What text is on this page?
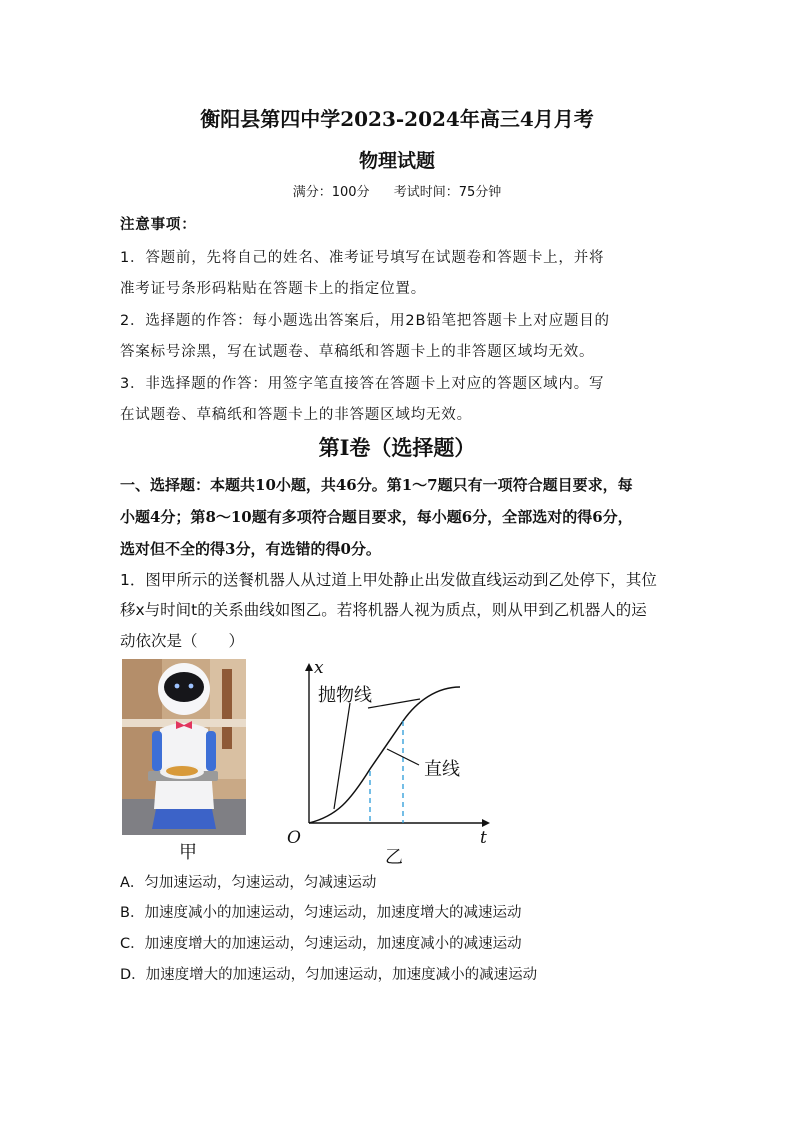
衡阳县第四中学2023-2024年高三4月月考
物理试题
满分：100分 考试时间：75分钟
注意事项：
1．答题前，先将自己的姓名、准考证号填写在试题卷和答题卡上，并将
准考证号条形码粘贴在答题卡上的指定位置。
2．选择题的作答：每小题选出答案后，用2B铅笔把答题卡上对应题目的
答案标号涂黑，写在试题卷、草稿纸和答题卡上的非答题区域均无效。
3．非选择题的作答：用签字笔直接答在答题卡上对应的答题区域内。写
在试题卷、草稿纸和答题卡上的非答题区域均无效。
第Ⅰ卷（选择题）
一、选择题：本题共10小题，共46分。第1～7题只有一项符合题目要求，每
小题4分；第8～10题有多项符合题目要求，每小题6分，全部选对的得6分，
选对但不全的得3分，有选错的得0分。
1．图甲所示的送餐机器人从过道上甲处静止出发做直线运动到乙处停下，其位
移x与时间t的关系曲线如图乙。若将机器人视为质点，则从甲到乙机器人的运
动依次是（　　）
甲
x
t
O
抛物线
直线
乙
A．匀加速运动，匀速运动，匀减速运动
B．加速度减小的加速运动，匀速运动，加速度增大的减速运动
C．加速度增大的加速运动，匀速运动，加速度减小的减速运动
D．加速度增大的加速运动，匀加速运动，加速度减小的减速运动
